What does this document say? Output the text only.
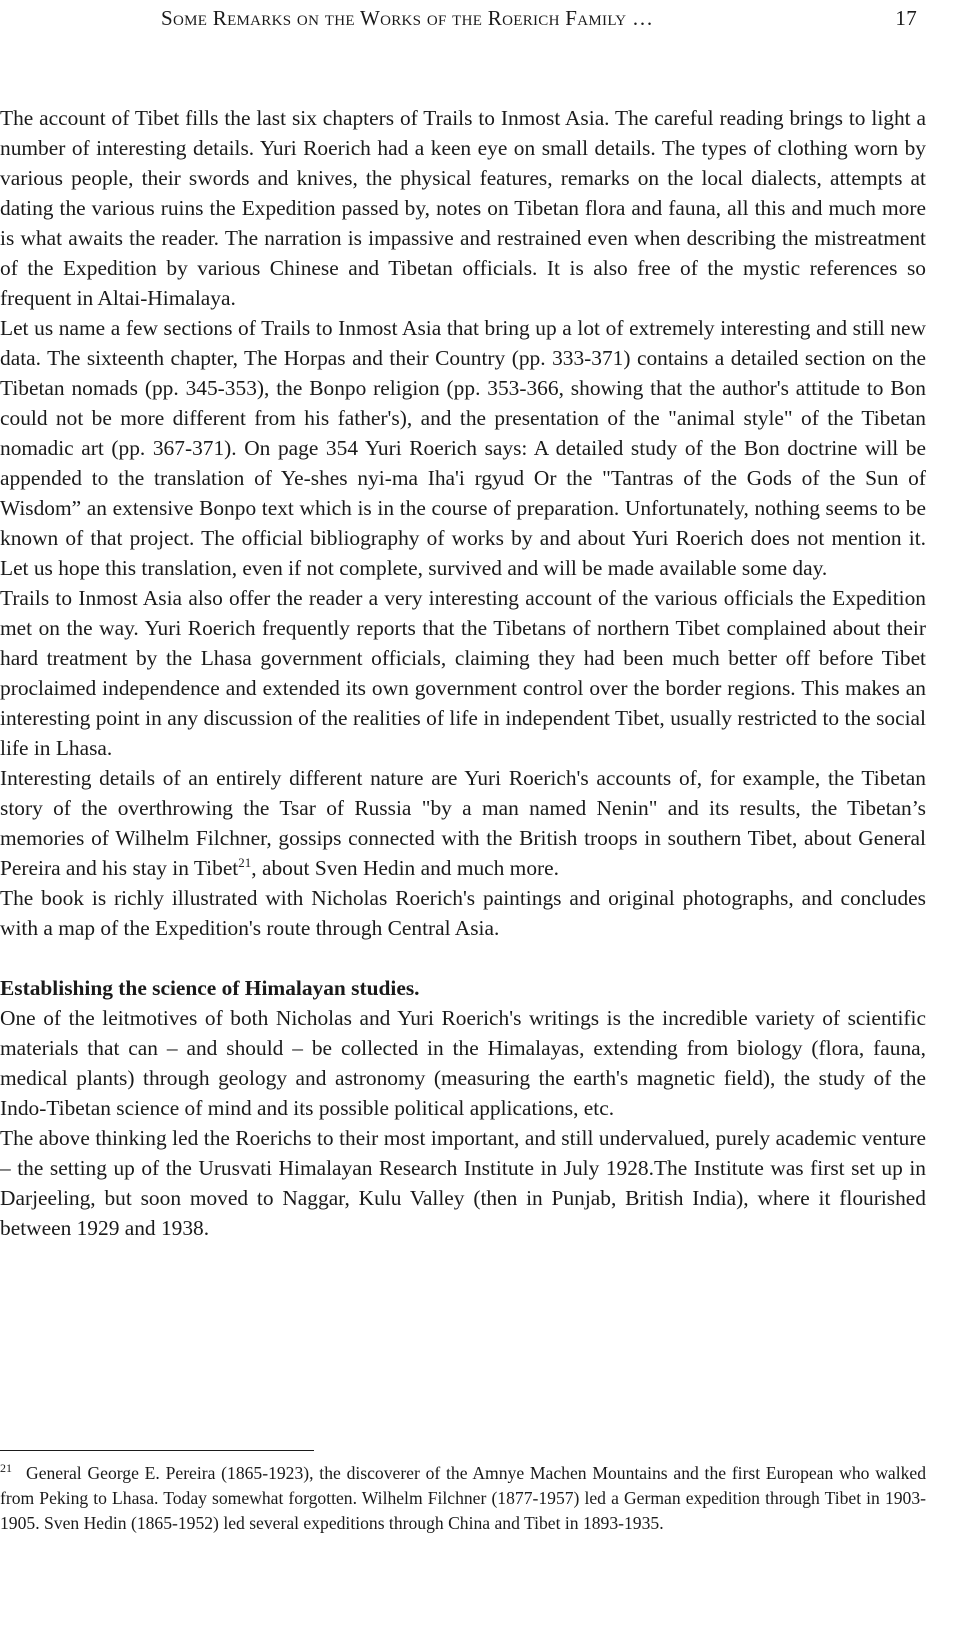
Some Remarks on the Works of the Roerich Family …	17

The account of Tibet fills the last six chapters of Trails to Inmost Asia. The careful reading brings to light a number of interesting details. Yuri Roerich had a keen eye on small details. The types of clothing worn by various people, their swords and knives, the physical features, remarks on the local dialects, attempts at dating the various ruins the Expedition passed by, notes on Tibetan flora and fauna, all this and much more is what awaits the reader. The narration is impassive and restrained even when describing the mistreatment of the Expedition by various Chinese and Tibetan officials. It is also free of the mystic references so frequent in Altai-Himalaya.

Let us name a few sections of Trails to Inmost Asia that bring up a lot of extremely interesting and still new data. The sixteenth chapter, The Horpas and their Country (pp. 333-371) contains a detailed section on the Tibetan nomads (pp. 345-353), the Bonpo religion (pp. 353-366, showing that the author's attitude to Bon could not be more different from his father's), and the presentation of the "animal style" of the Tibetan nomadic art (pp. 367-371). On page 354 Yuri Roerich says: A detailed study of the Bon doctrine will be appended to the translation of Ye-shes nyi-ma Iha'i rgyud Or the "Tantras of the Gods of the Sun of Wisdom” an extensive Bonpo text which is in the course of preparation. Unfortunately, nothing seems to be known of that project. The official bibliography of works by and about Yuri Roerich does not mention it. Let us hope this translation, even if not complete, survived and will be made available some day.

Trails to Inmost Asia also offer the reader a very interesting account of the various officials the Expedition met on the way. Yuri Roerich frequently reports that the Tibetans of northern Tibet complained about their hard treatment by the Lhasa government officials, claiming they had been much better off before Tibet proclaimed independence and extended its own government control over the border regions. This makes an interesting point in any discussion of the realities of life in independent Tibet, usually restricted to the social life in Lhasa.

Interesting details of an entirely different nature are Yuri Roerich's accounts of, for example, the Tibetan story of the overthrowing the Tsar of Russia "by a man named Nenin" and its results, the Tibetan’s memories of Wilhelm Filchner, gossips connected with the British troops in southern Tibet, about General Pereira and his stay in Tibet$^{21}$, about Sven Hedin and much more.

The book is richly illustrated with Nicholas Roerich's paintings and original photographs, and concludes with a map of the Expedition's route through Central Asia.

Establishing the science of Himalayan studies.

One of the leitmotives of both Nicholas and Yuri Roerich's writings is the incredible variety of scientific materials that can – and should – be collected in the Himalayas, extending from biology (flora, fauna, medical plants) through geology and astronomy (measuring the earth's magnetic field), the study of the Indo-Tibetan science of mind and its possible political applications, etc.

The above thinking led the Roerichs to their most important, and still undervalued, purely academic venture – the setting up of the Urusvati Himalayan Research Institute in July 1928.The Institute was first set up in Darjeeling, but soon moved to Naggar, Kulu Valley (then in Punjab, British India), where it flourished between 1929 and 1938.

$^{21}$ General George E. Pereira (1865-1923), the discoverer of the Amnye Machen Mountains and the first European who walked from Peking to Lhasa. Today somewhat forgotten. Wilhelm Filchner (1877-1957) led a German expedition through Tibet in 1903-1905. Sven Hedin (1865-1952) led several expeditions through China and Tibet in 1893-1935.
